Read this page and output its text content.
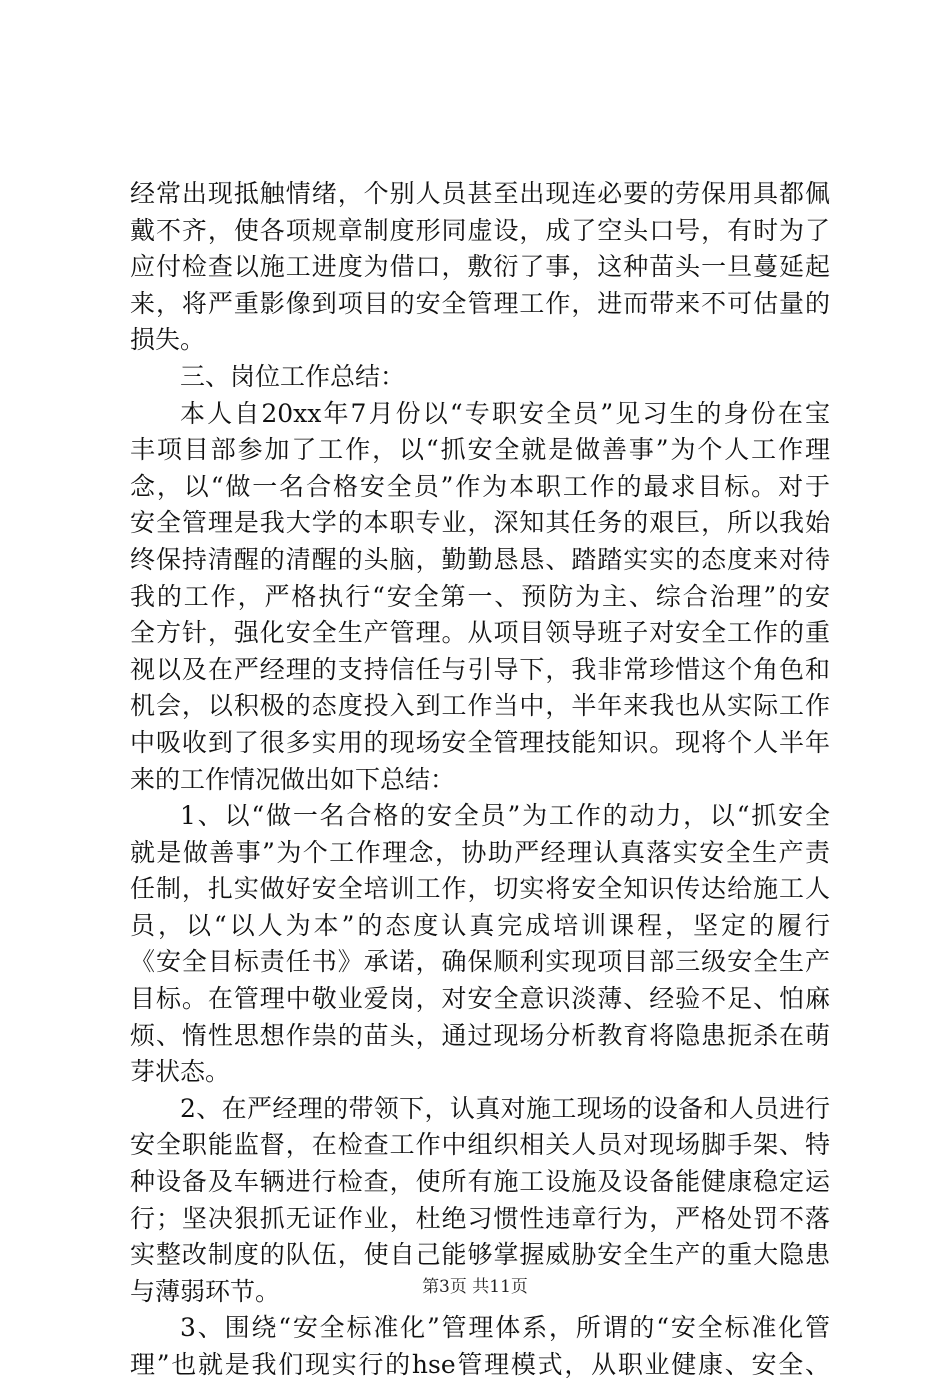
经常出现抵触情绪，个别人员甚至出现连必要的劳保用具都佩
戴不齐，使各项规章制度形同虚设，成了空头口号，有时为了
应付检查以施工进度为借口，敷衍了事，这种苗头一旦蔓延起
来，将严重影像到项目的安全管理工作，进而带来不可估量的
损失。
三、岗位工作总结：
本人自20xx年7月份以“专职安全员”见习生的身份在宝
丰项目部参加了工作，以“抓安全就是做善事”为个人工作理
念，以“做一名合格安全员”作为本职工作的最求目标。对于
安全管理是我大学的本职专业，深知其任务的艰巨，所以我始
终保持清醒的清醒的头脑，勤勤恳恳、踏踏实实的态度来对待
我的工作，严格执行“安全第一、预防为主、综合治理”的安
全方针，强化安全生产管理。从项目领导班子对安全工作的重
视以及在严经理的支持信任与引导下，我非常珍惜这个角色和
机会，以积极的态度投入到工作当中，半年来我也从实际工作
中吸收到了很多实用的现场安全管理技能知识。现将个人半年
来的工作情况做出如下总结：
1、以“做一名合格的安全员”为工作的动力，以“抓安全
就是做善事”为个工作理念，协助严经理认真落实安全生产责
任制，扎实做好安全培训工作，切实将安全知识传达给施工人
员，以“以人为本”的态度认真完成培训课程，坚定的履行
《安全目标责任书》承诺，确保顺利实现项目部三级安全生产
目标。在管理中敬业爱岗，对安全意识淡薄、经验不足、怕麻
烦、惰性思想作祟的苗头，通过现场分析教育将隐患扼杀在萌
芽状态。
2、在严经理的带领下，认真对施工现场的设备和人员进行
安全职能监督，在检查工作中组织相关人员对现场脚手架、特
种设备及车辆进行检查，使所有施工设施及设备能健康稳定运
行；坚决狠抓无证作业，杜绝习惯性违章行为，严格处罚不落
实整改制度的队伍，使自己能够掌握威胁安全生产的重大隐患
与薄弱环节。
3、围绕“安全标准化”管理体系，所谓的“安全标准化管
理”也就是我们现实行的hse管理模式，从职业健康、安全、
第3页 共11页
